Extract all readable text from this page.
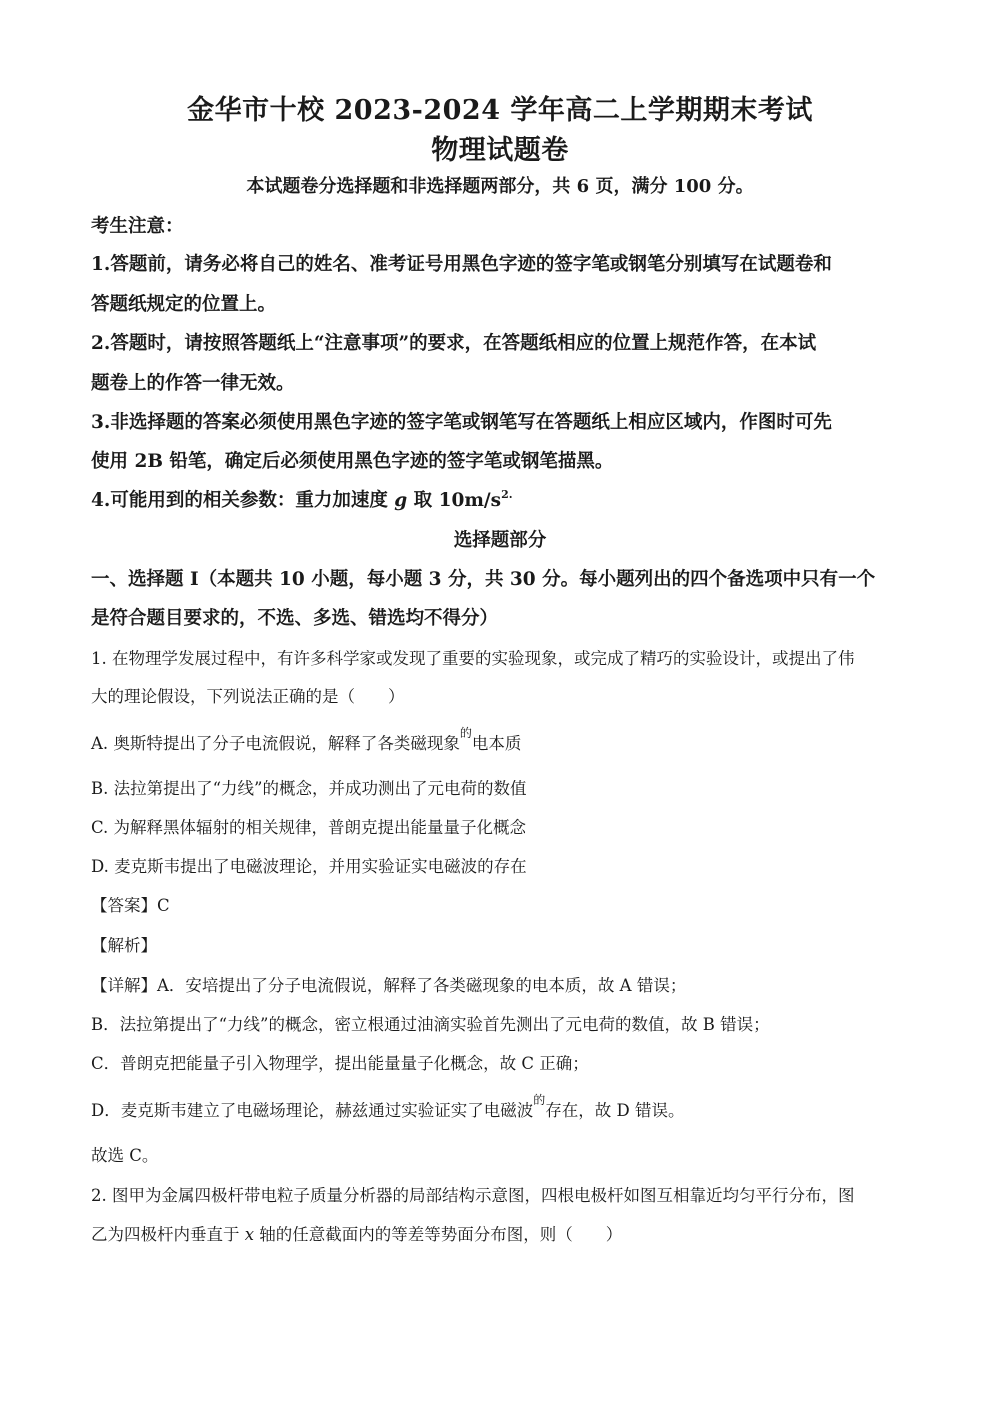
金华市十校 2023-2024 学年高二上学期期末考试
物理试题卷
本试题卷分选择题和非选择题两部分，共 6 页，满分 100 分。
考生注意：
1.答题前，请务必将自己的姓名、准考证号用黑色字迹的签字笔或钢笔分别填写在试题卷和
答题纸规定的位置上。
2.答题时，请按照答题纸上“注意事项”的要求，在答题纸相应的位置上规范作答，在本试
题卷上的作答一律无效。
3.非选择题的答案必须使用黑色字迹的签字笔或钢笔写在答题纸上相应区域内，作图时可先
使用 2B 铅笔，确定后必须使用黑色字迹的签字笔或钢笔描黑。
4.可能用到的相关参数：重力加速度 g 取 $10m/s^{2.}$
选择题部分
一、选择题 I（本题共 10 小题，每小题 3 分，共 30 分。每小题列出的四个备选项中只有一个
是符合题目要求的，不选、多选、错选均不得分）
1. 在物理学发展过程中，有许多科学家或发现了重要的实验现象，或完成了精巧的实验设计，或提出了伟
大的理论假设，下列说法正确的是（　　）
A. 奥斯特提出了分子电流假说，解释了各类磁现象$^的$电本质
B. 法拉第提出了“力线”的概念，并成功测出了元电荷的数值
C. 为解释黑体辐射的相关规律，普朗克提出能量量子化概念
D. 麦克斯韦提出了电磁波理论，并用实验证实电磁波的存在
【答案】C
【解析】
【详解】A．安培提出了分子电流假说，解释了各类磁现象的电本质，故 A 错误；
B．法拉第提出了“力线”的概念，密立根通过油滴实验首先测出了元电荷的数值，故 B 错误；
C．普朗克把能量子引入物理学，提出能量量子化概念，故 C 正确；
D．麦克斯韦建立了电磁场理论，赫兹通过实验证实了电磁波$^的$存在，故 D 错误。
故选 C。
2. 图甲为金属四极杆带电粒子质量分析器的局部结构示意图，四根电极杆如图互相靠近均匀平行分布，图
乙为四极杆内垂直于 x 轴的任意截面内的等差等势面分布图，则（　　）
